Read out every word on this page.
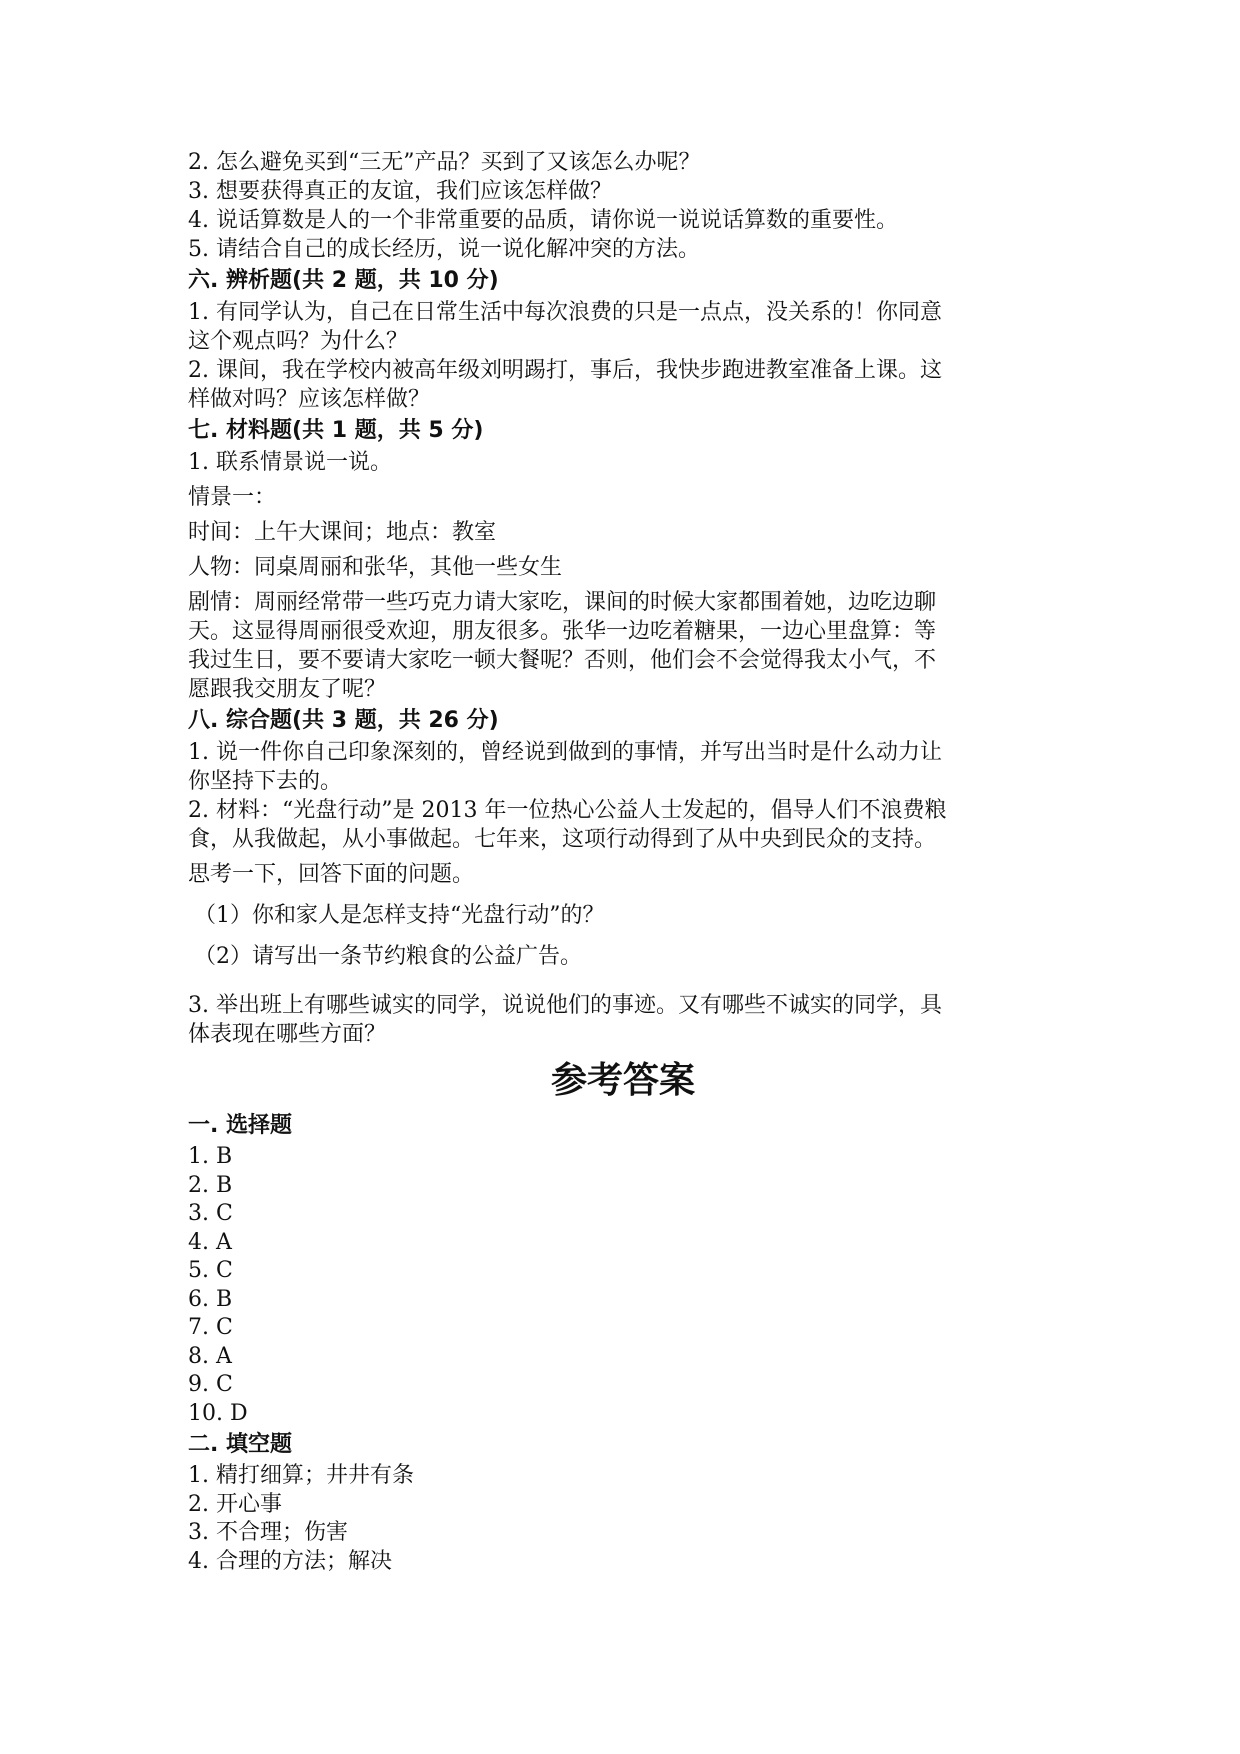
2. 怎么避免买到“三无”产品？买到了又该怎么办呢？

3. 想要获得真正的友谊，我们应该怎样做？

4. 说话算数是人的一个非常重要的品质，请你说一说说话算数的重要性。

5. 请结合自己的成长经历，说一说化解冲突的方法。

六. 辨析题(共 2 题，共 10 分)

1. 有同学认为，自己在日常生活中每次浪费的只是一点点，没关系的！你同意

这个观点吗？为什么？

2. 课间，我在学校内被高年级刘明踢打，事后，我快步跑进教室准备上课。这

样做对吗？应该怎样做？

七. 材料题(共 1 题，共 5 分)

1. 联系情景说一说。

情景一：

时间：上午大课间；地点：教室

人物：同桌周丽和张华，其他一些女生

剧情：周丽经常带一些巧克力请大家吃，课间的时候大家都围着她，边吃边聊

天。这显得周丽很受欢迎，朋友很多。张华一边吃着糖果，一边心里盘算：等

我过生日，要不要请大家吃一顿大餐呢？否则，他们会不会觉得我太小气，不

愿跟我交朋友了呢？

八. 综合题(共 3 题，共 26 分)

1. 说一件你自己印象深刻的，曾经说到做到的事情，并写出当时是什么动力让

你坚持下去的。

2. 材料：“光盘行动”是 2013 年一位热心公益人士发起的，倡导人们不浪费粮

食，从我做起，从小事做起。七年来，这项行动得到了从中央到民众的支持。

思考一下，回答下面的问题。

（1）你和家人是怎样支持“光盘行动”的？

（2）请写出一条节约粮食的公益广告。

3. 举出班上有哪些诚实的同学，说说他们的事迹。又有哪些不诚实的同学，具

体表现在哪些方面？

参考答案

一. 选择题

1. B

2. B

3. C

4. A

5. C

6. B

7. C

8. A

9. C

10. D

二. 填空题

1. 精打细算；井井有条

2. 开心事

3. 不合理；伤害

4. 合理的方法；解决
